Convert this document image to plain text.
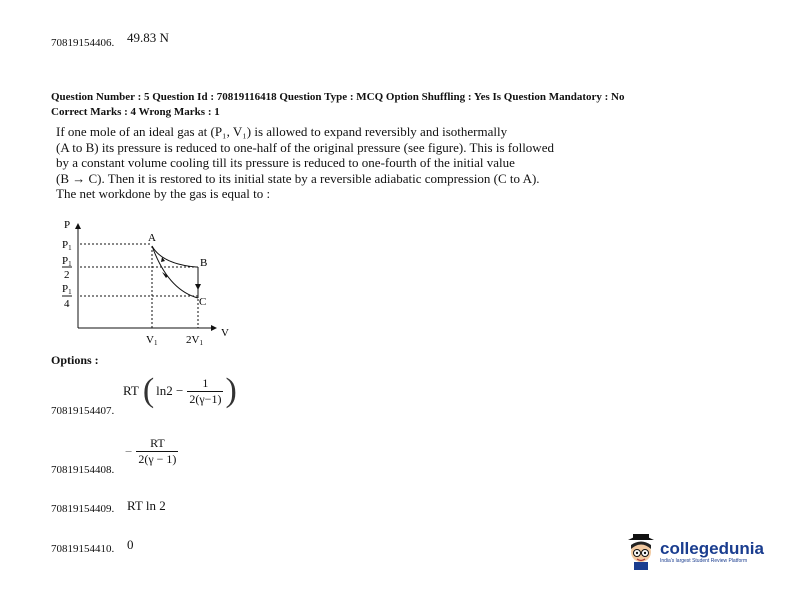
70819154406. 49.83 N
Question Number : 5 Question Id : 70819116418 Question Type : MCQ Option Shuffling : Yes Is Question Mandatory : No
Correct Marks : 4 Wrong Marks : 1
If one mole of an ideal gas at (P₁, V₁) is allowed to expand reversibly and isothermally
(A to B) its pressure is reduced to one-half of the original pressure (see figure). This is followed
by a constant volume cooling till its pressure is reduced to one-fourth of the initial value
(B → C). Then it is restored to its initial state by a reversible adiabatic compression (C to A).
The net workdone by the gas is equal to :
P
V
P1
P1
2
P1
4
V1	2V1
A
B
C
Options :
70819154407.
RT ( $\ln 2 - \frac{1}{2(\gamma-1)}$ )
70819154408.
− $\frac{RT}{2(\gamma - 1)}$
70819154409. RT ln 2
70819154410. 0	collegedunia
India's largest Student Review Platform
